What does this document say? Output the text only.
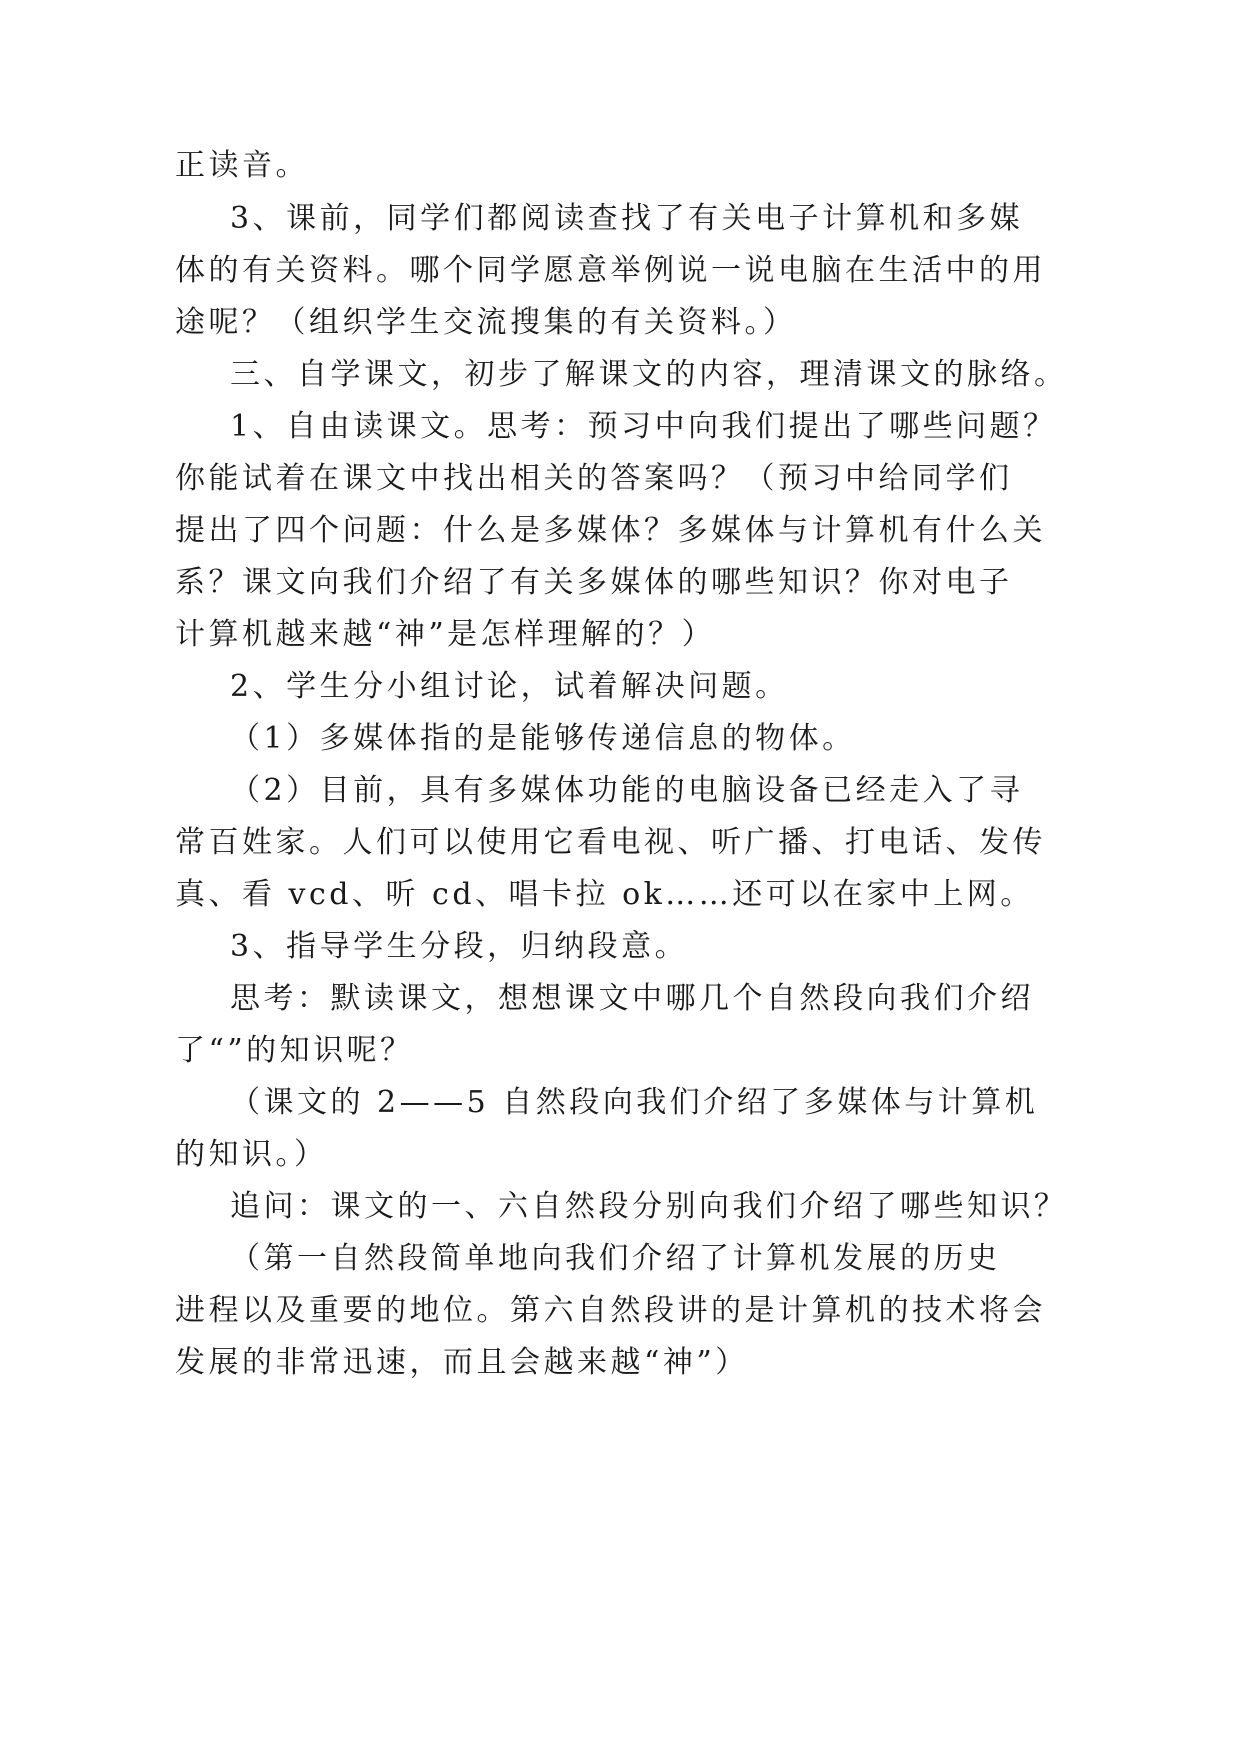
正读音。
3、课前，同学们都阅读查找了有关电子计算机和多媒
体的有关资料。哪个同学愿意举例说一说电脑在生活中的用
途呢？（组织学生交流搜集的有关资料。）
三、自学课文，初步了解课文的内容，理清课文的脉络。
1、自由读课文。思考：预习中向我们提出了哪些问题？
你能试着在课文中找出相关的答案吗？（预习中给同学们
提出了四个问题：什么是多媒体？多媒体与计算机有什么关
系？课文向我们介绍了有关多媒体的哪些知识？你对电子
计算机越来越“神”是怎样理解的？）
2、学生分小组讨论，试着解决问题。
（1）多媒体指的是能够传递信息的物体。
（2）目前，具有多媒体功能的电脑设备已经走入了寻
常百姓家。人们可以使用它看电视、听广播、打电话、发传
真、看 vcd、听 cd、唱卡拉 ok……还可以在家中上网。
3、指导学生分段，归纳段意。
思考：默读课文，想想课文中哪几个自然段向我们介绍
了“”的知识呢？
（课文的 2——5 自然段向我们介绍了多媒体与计算机
的知识。）
追问：课文的一、六自然段分别向我们介绍了哪些知识？
（第一自然段简单地向我们介绍了计算机发展的历史
进程以及重要的地位。第六自然段讲的是计算机的技术将会
发展的非常迅速，而且会越来越“神”）
